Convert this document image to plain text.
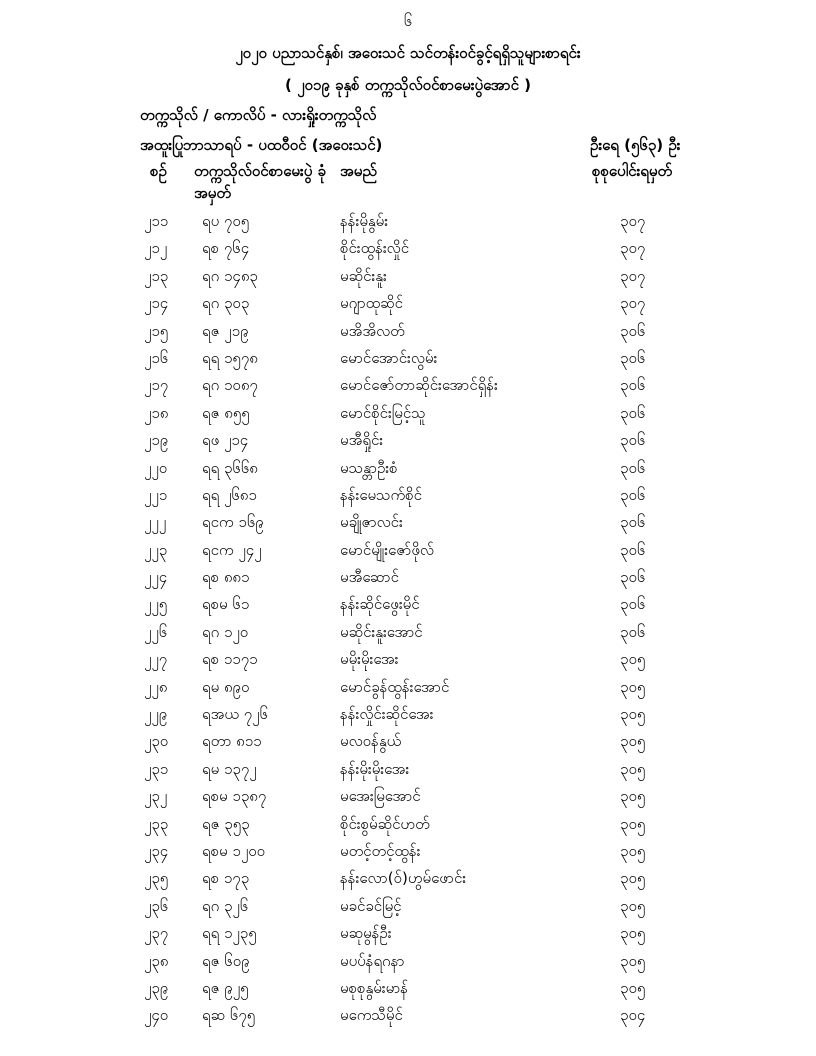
၆
၂၀၂၀ ပညာသင်နှစ်၊ အဝေးသင် သင်တန်းဝင်ခွင့်ရရှိသူများစာရင်း
( ၂၀၁၉ ခုနှစ် တက္ကသိုလ်ဝင်စာမေးပွဲအောင် )
တက္ကသိုလ် / ကောလိပ် - လားရှိုးတက္ကသိုလ်
အထူးပြုဘာသာရပ် - ပထဝီဝင် (အဝေးသင်)	ဦးရေ (၅၆၃) ဦး
စဉ် တက္ကသိုလ်ဝင်စာမေးပွဲ ခုံအမှတ်
အမည်	စုစုပေါင်းရမှတ်
၂၁၁ ရပ ၇၀၅	နန်းမိုနွမ်း	၃၀၇
၂၁၂ ရစ ၇၆၄	စိုင်းထွန်းလှိုင်	၃၀၇
၂၁၃ ရဂ ၁၄၈၃	မဆိုင်းနူး	၃၀၇
၂၁၄ ရဂ ၃၀၃	မဂျာထုဆိုင်	၃၀၇
၂၁၅ ရဇ ၂၁၉	မအိအိလတ်	၃၀၆
၂၁၆ ရရ ၁၅၇၈	မောင်အောင်းလွမ်း	၃၀၆
၂၁၇ ရဂ ၁၀၈၇	မောင်ဇော်တာဆိုင်းအောင်ရှိန်း	၃၀၆
၂၁၈ ရဇ ၈၅၅	မောင်စိုင်းမြင့်သူ	၃၀၆
၂၁၉ ရဖ ၂၁၄	မအီရှိုင်း	၃၀၆
၂၂၀ ရရ ၃၆၆၈	မသန္တာဦးစံ	၃၀၆
၂၂၁ ရရ ၂၆၈၁	နန်းမေသက်စိုင်	၃၀၆
၂၂၂ ရငက ၁၆၉	မချိုဇာလင်း	၃၀၆
၂၂၃ ရငက ၂၄၂	မောင်မျိုးဇော်ဖိုလ်	၃၀၆
၂၂၄ ရစ ၈၈၁	မအီဆောင်	၃၀၆
၂၂၅ ရစမ ၆၁	နန်းဆိုင်ဖွေးမိုင်	၃၀၆
၂၂၆ ရဂ ၁၂၀	မဆိုင်းနူးအောင်	၃၀၆
၂၂၇ ရစ ၁၁၇၁	မမိုးမိုးအေး	၃၀၅
၂၂၈ ရမ ၈၉၀	မောင်ခွန်ထွန်းအောင်	၃၀၅
၂၂၉ ရအယ ၇၂၆	နန်းလှိုင်းဆိုင်အေး	၃၀၅
၂၃၀ ရတာ ၈၁၁	မလဝန်နွယ်	၃၀၅
၂၃၁ ရမ ၁၃၇၂	နန်းမိုးမိုးအေး	၃၀၅
၂၃၂ ရစမ ၁၃၈၇	မအေးမြအောင်	၃၀၅
၂၃၃ ရဇ ၃၅၃	စိုင်းစွမ်ဆိုင်ဟတ်	၃၀၅
၂၃၄ ရစမ ၁၂၀၀	မတင့်တင့်ထွန်း	၃၀၅
၂၃၅ ရစ ၁၇၃	နန်းလော(ဝ်)ဟွမ်ဖောင်း	၃၀၅
၂၃၆ ရဂ ၃၂၆	မခင်ခင်မြင့်	၃၀၅
၂၃၇ ရရ ၁၂၃၅	မဆုမွန်ဦး	၃၀၅
၂၃၈ ရဇ ၆၀၉	မပပ်နံရဂနာ	၃၀၅
၂၃၉ ရဇ ၉၂၅	မစုစုနွမ်းမာန်	၃၀၅
၂၄၀ ရဆ ၆၇၅	မကေသီမိုင်	၃၀၄
